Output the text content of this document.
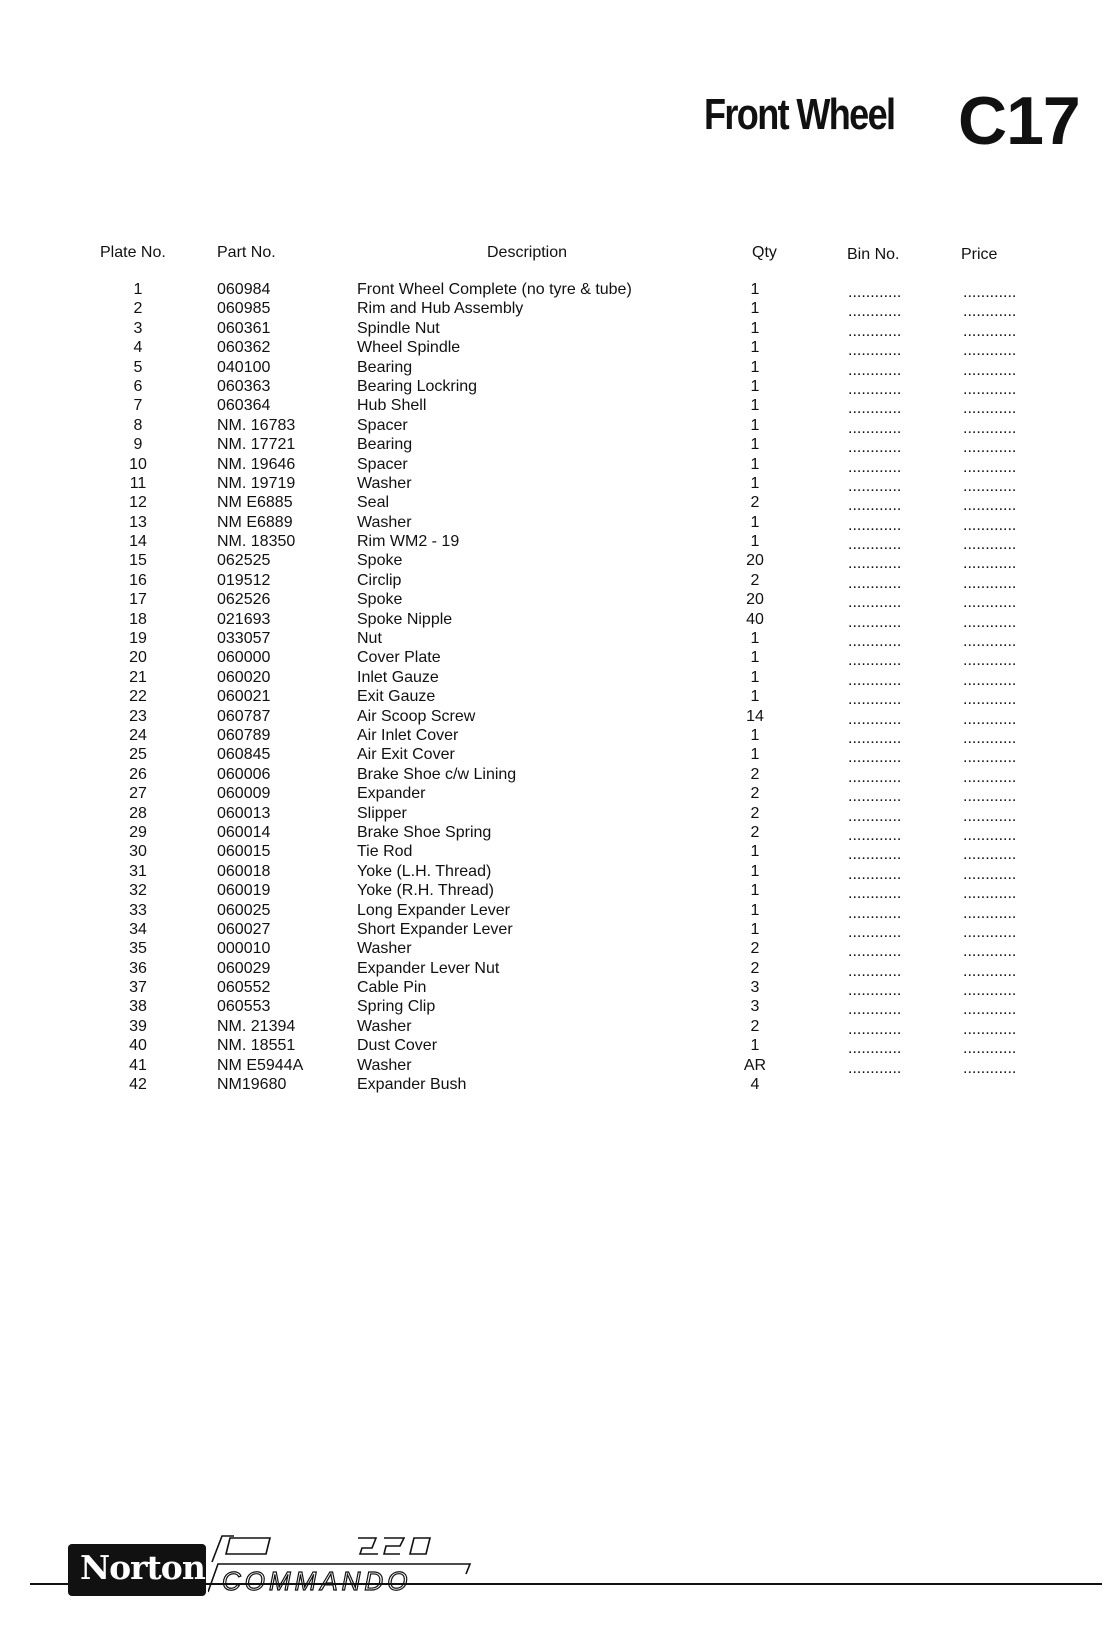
Front Wheel C17
Plate No.	Part No.	Description	Qty	Bin No.	Price
1	060984	Front Wheel Complete (no tyre & tube)	1	............	............
2	060985	Rim and Hub Assembly	1	............	............
3	060361	Spindle Nut	1	............	............
4	060362	Wheel Spindle	1	............	............
5	040100	Bearing	1	............	............
6	060363	Bearing Lockring	1	............	............
7	060364	Hub Shell	1	............	............
8	NM. 16783	Spacer	1	............	............
9	NM. 17721	Bearing	1	............	............
10	NM. 19646	Spacer	1	............	............
11	NM. 19719	Washer	1	............	............
12	NM E6885	Seal	2	............	............
13	NM E6889	Washer	1	............	............
14	NM. 18350	Rim WM2 - 19	1	............	............
15	062525	Spoke	20	............	............
16	019512	Circlip	2	............	............
17	062526	Spoke	20	............	............
18	021693	Spoke Nipple	40	............	............
19	033057	Nut	1	............	............
20	060000	Cover Plate	1	............	............
21	060020	Inlet Gauze	1	............	............
22	060021	Exit Gauze	1	............	............
23	060787	Air Scoop Screw	14	............	............
24	060789	Air Inlet Cover	1	............	............
25	060845	Air Exit Cover	1	............	............
26	060006	Brake Shoe c/w Lining	2	............	............
27	060009	Expander	2	............	............
28	060013	Slipper	2	............	............
29	060014	Brake Shoe Spring	2	............	............
30	060015	Tie Rod	1	............	............
31	060018	Yoke (L.H. Thread)	1	............	............
32	060019	Yoke (R.H. Thread)	1	............	............
33	060025	Long Expander Lever	1	............	............
34	060027	Short Expander Lever	1	............	............
35	000010	Washer	2	............	............
36	060029	Expander Lever Nut	2	............	............
37	060552	Cable Pin	3	............	............
38	060553	Spring Clip	3	............	............
39	NM. 21394	Washer	2	............	............
40	NM. 18551	Dust Cover	1	............	............
41	NM E5944A	Washer	AR	............	............
42	NM19680	Expander Bush	4
Norton COMMANDO
750
